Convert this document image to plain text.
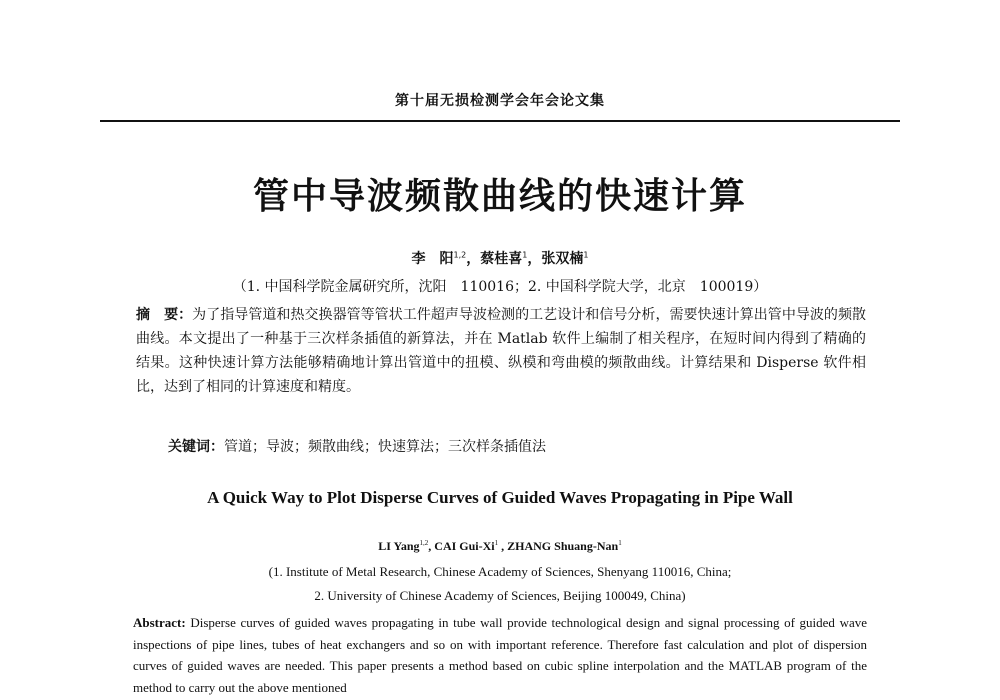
第十届无损检测学会年会论文集
管中导波频散曲线的快速计算
李　阳$^{1,2}$，蔡桂喜$^1$，张双楠$^1$
（1. 中国科学院金属研究所，沈阳　110016；2. 中国科学院大学，北京　100019）
摘　要：为了指导管道和热交换器管等管状工件超声导波检测的工艺设计和信号分析，需要快速计算出管中导波的频散曲线。本文提出了一种基于三次样条插值的新算法，并在 Matlab 软件上编制了相关程序，在短时间内得到了精确的结果。这种快速计算方法能够精确地计算出管道中的扭模、纵模和弯曲模的频散曲线。计算结果和 Disperse 软件相比，达到了相同的计算速度和精度。
关键词：管道；导波；频散曲线；快速算法；三次样条插值法
A Quick Way to Plot Disperse Curves of Guided Waves Propagating in Pipe Wall
LI Yang$^{1,2}$, CAI Gui-Xi$^1$ , ZHANG Shuang-Nan$^1$
(1. Institute of Metal Research, Chinese Academy of Sciences, Shenyang 110016, China;
2. University of Chinese Academy of Sciences, Beijing 100049, China)
Abstract: Disperse curves of guided waves propagating in tube wall provide technological design and signal processing of guided wave inspections of pipe lines, tubes of heat exchangers and so on with important reference. Therefore fast calculation and plot of dispersion curves of guided waves are needed. This paper presents a method based on cubic spline interpolation and the MATLAB program of the method to carry out the above mentioned
